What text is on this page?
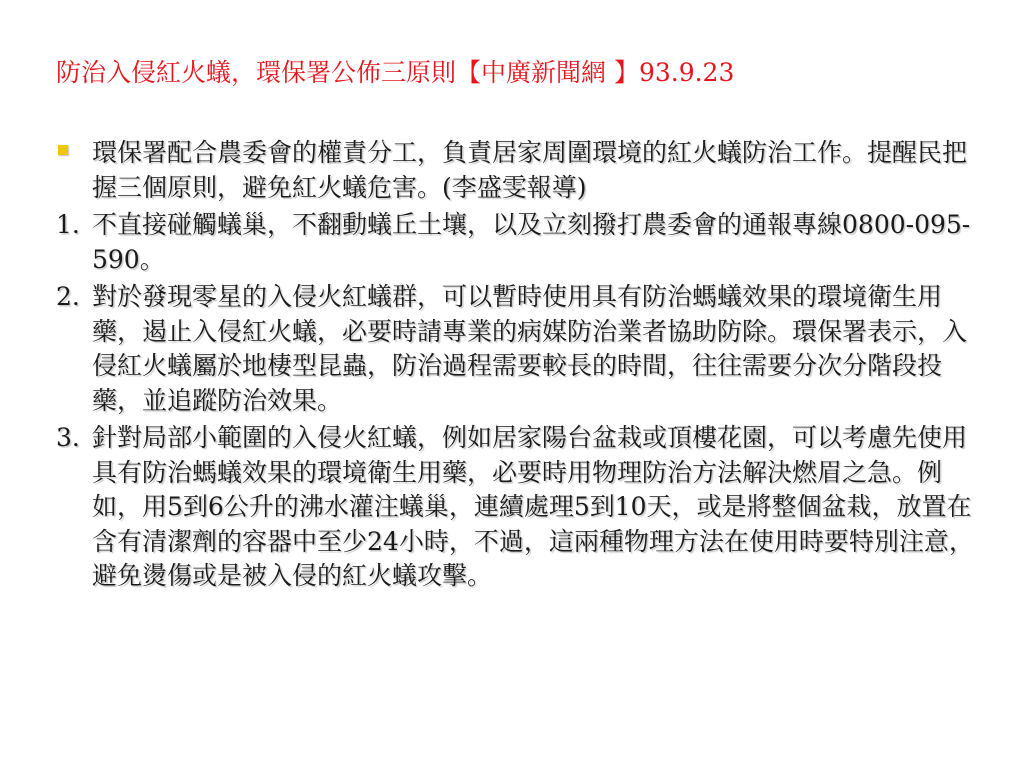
防治入侵紅火蟻，環保署公佈三原則【中廣新聞網 】93.9.23
環保署配合農委會的權責分工，負責居家周圍環境的紅火蟻防治工作。提醒民把握三個原則，避免紅火蟻危害。(李盛雯報導)
1. 不直接碰觸蟻巢，不翻動蟻丘土壤，以及立刻撥打農委會的通報專線0800-095-590。
2. 對於發現零星的入侵火紅蟻群，可以暫時使用具有防治螞蟻效果的環境衛生用藥，遏止入侵紅火蟻，必要時請專業的病媒防治業者協助防除。環保署表示，入侵紅火蟻屬於地棲型昆蟲，防治過程需要較長的時間，往往需要分次分階段投藥，並追蹤防治效果。
3. 針對局部小範圍的入侵火紅蟻，例如居家陽台盆栽或頂樓花園，可以考慮先使用具有防治螞蟻效果的環境衛生用藥，必要時用物理防治方法解決燃眉之急。例如，用5到6公升的沸水灌注蟻巢，連續處理5到10天，或是將整個盆栽，放置在含有清潔劑的容器中至少24小時，不過，這兩種物理方法在使用時要特別注意，避免燙傷或是被入侵的紅火蟻攻擊。
